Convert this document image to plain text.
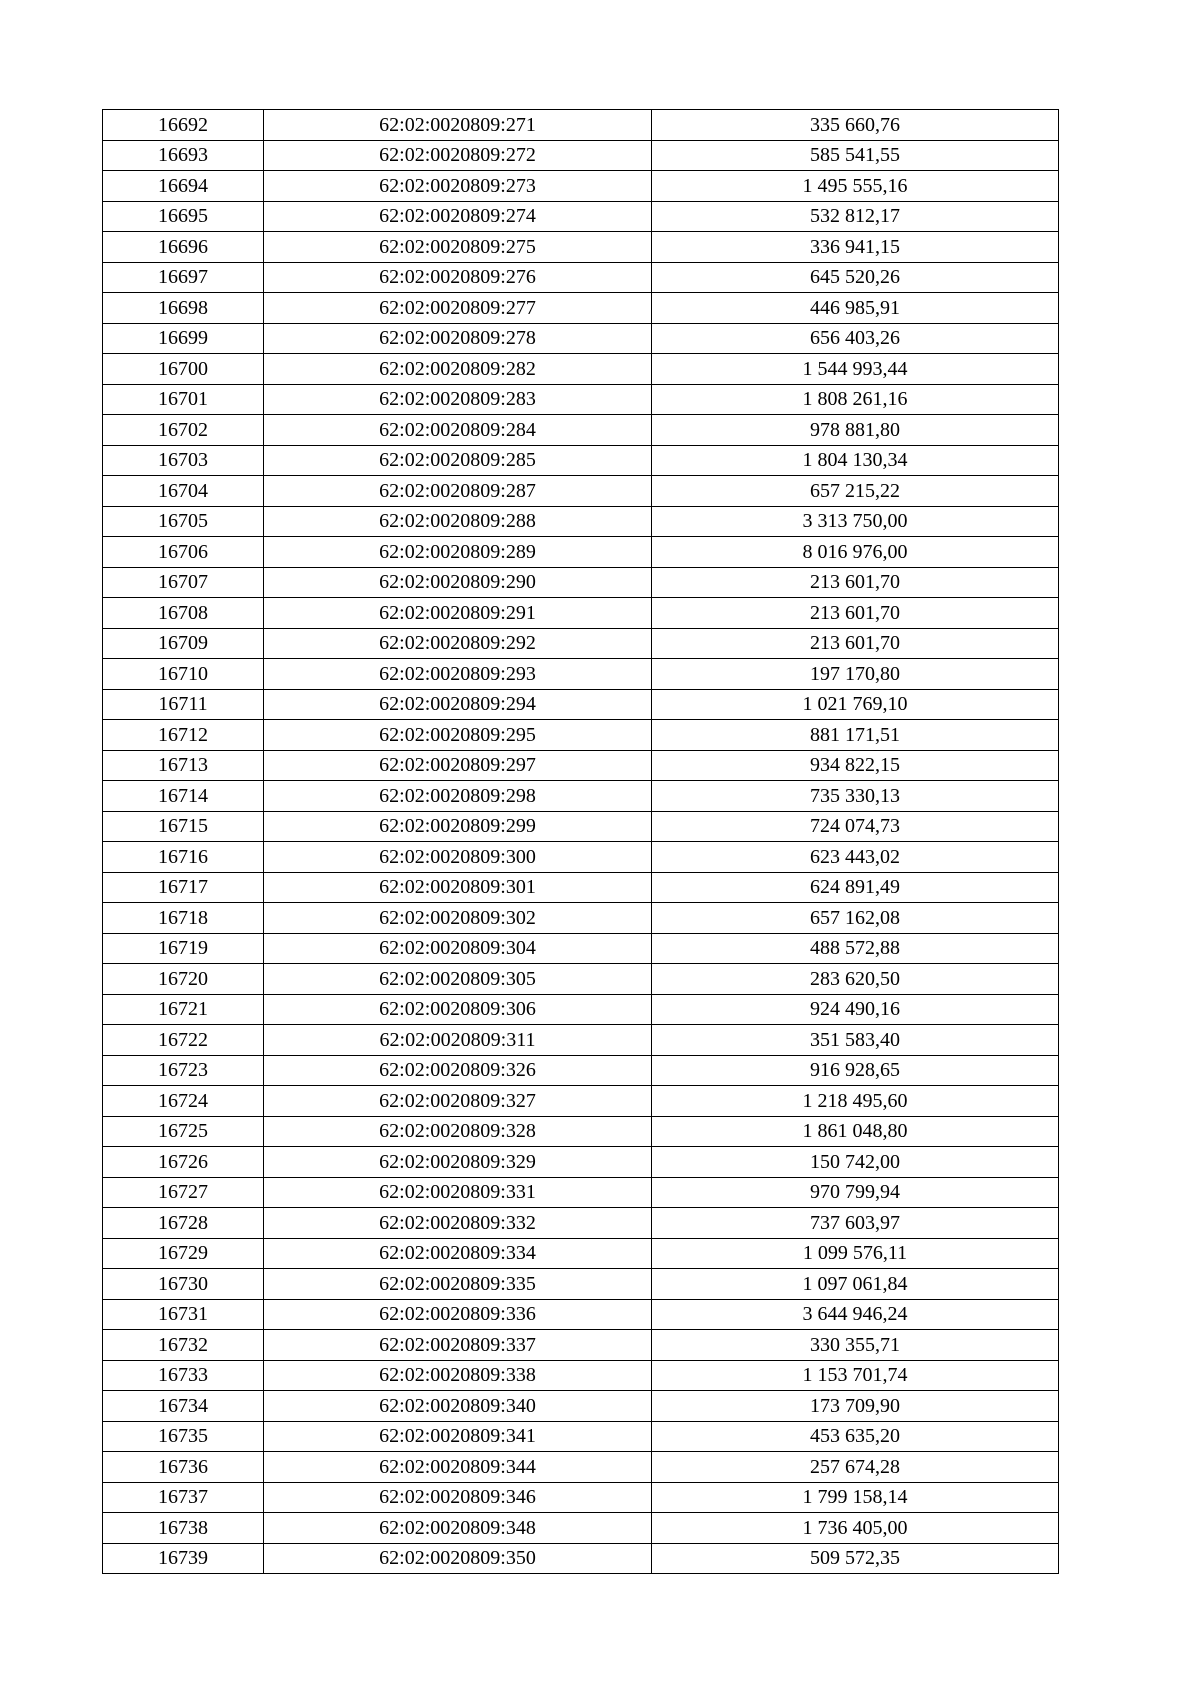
16692	62:02:0020809:271	335 660,76
16693	62:02:0020809:272	585 541,55
16694	62:02:0020809:273	1 495 555,16
16695	62:02:0020809:274	532 812,17
16696	62:02:0020809:275	336 941,15
16697	62:02:0020809:276	645 520,26
16698	62:02:0020809:277	446 985,91
16699	62:02:0020809:278	656 403,26
16700	62:02:0020809:282	1 544 993,44
16701	62:02:0020809:283	1 808 261,16
16702	62:02:0020809:284	978 881,80
16703	62:02:0020809:285	1 804 130,34
16704	62:02:0020809:287	657 215,22
16705	62:02:0020809:288	3 313 750,00
16706	62:02:0020809:289	8 016 976,00
16707	62:02:0020809:290	213 601,70
16708	62:02:0020809:291	213 601,70
16709	62:02:0020809:292	213 601,70
16710	62:02:0020809:293	197 170,80
16711	62:02:0020809:294	1 021 769,10
16712	62:02:0020809:295	881 171,51
16713	62:02:0020809:297	934 822,15
16714	62:02:0020809:298	735 330,13
16715	62:02:0020809:299	724 074,73
16716	62:02:0020809:300	623 443,02
16717	62:02:0020809:301	624 891,49
16718	62:02:0020809:302	657 162,08
16719	62:02:0020809:304	488 572,88
16720	62:02:0020809:305	283 620,50
16721	62:02:0020809:306	924 490,16
16722	62:02:0020809:311	351 583,40
16723	62:02:0020809:326	916 928,65
16724	62:02:0020809:327	1 218 495,60
16725	62:02:0020809:328	1 861 048,80
16726	62:02:0020809:329	150 742,00
16727	62:02:0020809:331	970 799,94
16728	62:02:0020809:332	737 603,97
16729	62:02:0020809:334	1 099 576,11
16730	62:02:0020809:335	1 097 061,84
16731	62:02:0020809:336	3 644 946,24
16732	62:02:0020809:337	330 355,71
16733	62:02:0020809:338	1 153 701,74
16734	62:02:0020809:340	173 709,90
16735	62:02:0020809:341	453 635,20
16736	62:02:0020809:344	257 674,28
16737	62:02:0020809:346	1 799 158,14
16738	62:02:0020809:348	1 736 405,00
16739	62:02:0020809:350	509 572,35
